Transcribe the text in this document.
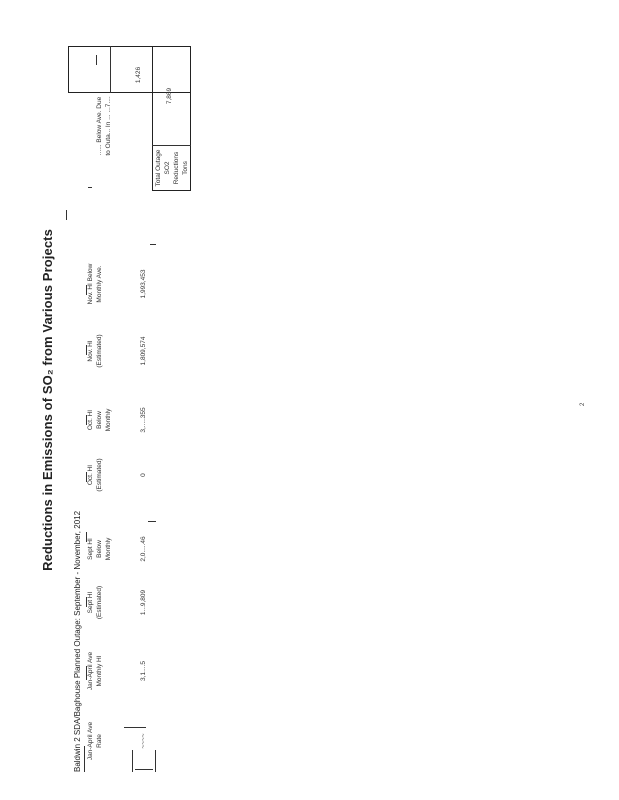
Reductions in Emissions of SO₂ from Various Projects
Baldwin 2 SDA/Baghouse Planned Outage: September - November, 2012 Jan-April Ave Rate
Jan-April Ave Monthly HI
Sept HI (Estimated)
Sept HI Below Monthly
Oct. HI (Estimated)
Oct. HI Below Monthly
Nov. HI (Estimated)
Nov. HI Below Monthly Ave.
~~~~
3,1....5
1...9,809
2,0.....46
0
3,.....355
1,809,574
1,993,453
...... Below Ave. Due to Outa... In ... ...7....
1,426
Total Outage SO2 Reductions Tons
7,869
2
